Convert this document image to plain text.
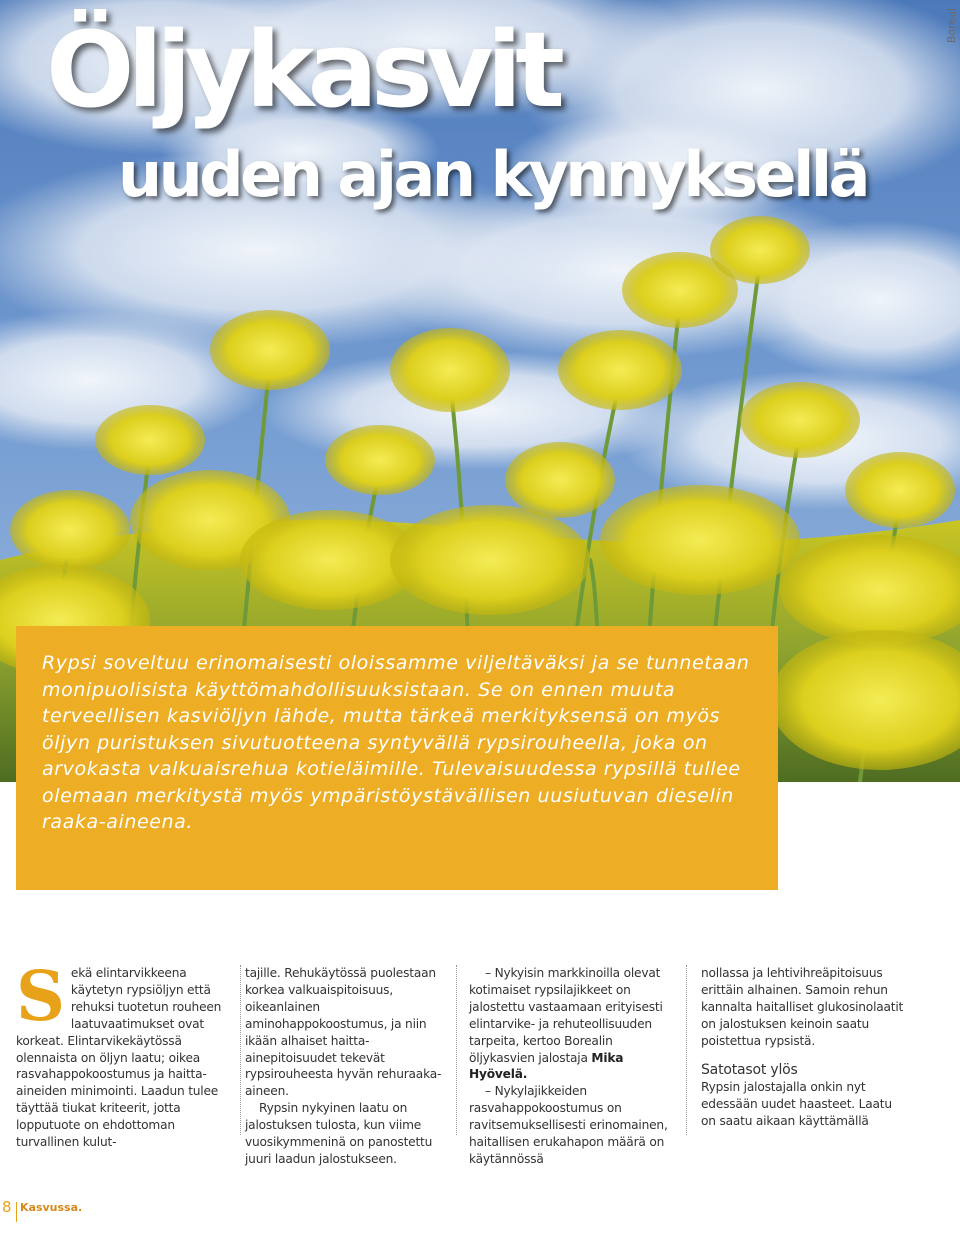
Boreal
Öljykasvit
uuden ajan kynnyksellä

Rypsi soveltuu erinomaisesti oloissamme viljeltäväksi ja se tunnetaan monipuolisista käyttömahdollisuuksistaan. Se on ennen muuta terveellisen kasviöljyn lähde, mutta tärkeä merkityksensä on myös öljyn puristuksen sivutuotteena syntyvällä rypsirouheella, joka on arvokasta valkuaisrehua kotieläimille. Tulevaisuudessa rypsillä tullee olemaan merkitystä myös ympäristöystävällisen uusiutuvan dieselin raaka-aineena.

S ekä elintarvikkeena käytetyn rypsiöljyn että rehuksi tuotetun rouheen laatuvaatimukset ovat korkeat. Elintarvikekäytössä olennaista on öljyn laatu; oikea rasvahappokoostumus ja haitta-aineiden minimointi. Laadun tulee täyttää tiukat kriteerit, jotta lopputuote on ehdottoman turvallinen kulut-

tajille. Rehukäytössä puolestaan korkea valkuaispitoisuus, oikeanlainen aminohappokoostumus, ja niin ikään alhaiset haitta-ainepitoisuudet tekevät rypsirouheesta hyvän rehuraaka-aineen.

Rypsin nykyinen laatu on jalostuksen tulosta, kun viime vuosikymmeninä on panostettu juuri laadun jalostukseen.

– Nykyisin markkinoilla olevat kotimaiset rypsilajikkeet on jalostettu vastaamaan erityisesti elintarvike- ja rehuteollisuuden tarpeita, kertoo Borealin öljykasvien jalostaja Mika Hyövelä.

– Nykylajikkeiden rasvahappokoostumus on ravitsemuksellisesti erinomainen, haitallisen erukahapon määrä on käytännössä

nollassa ja lehtivihreäpitoisuus erittäin alhainen. Samoin rehun kannalta haitalliset glukosinolaatit on jalostuksen keinoin saatu poistettua rypsistä.

Satotasot ylös

Rypsin jalostajalla onkin nyt edessään uudet haasteet. Laatu on saatu aikaan käyttämällä

8 Kasvussa.
